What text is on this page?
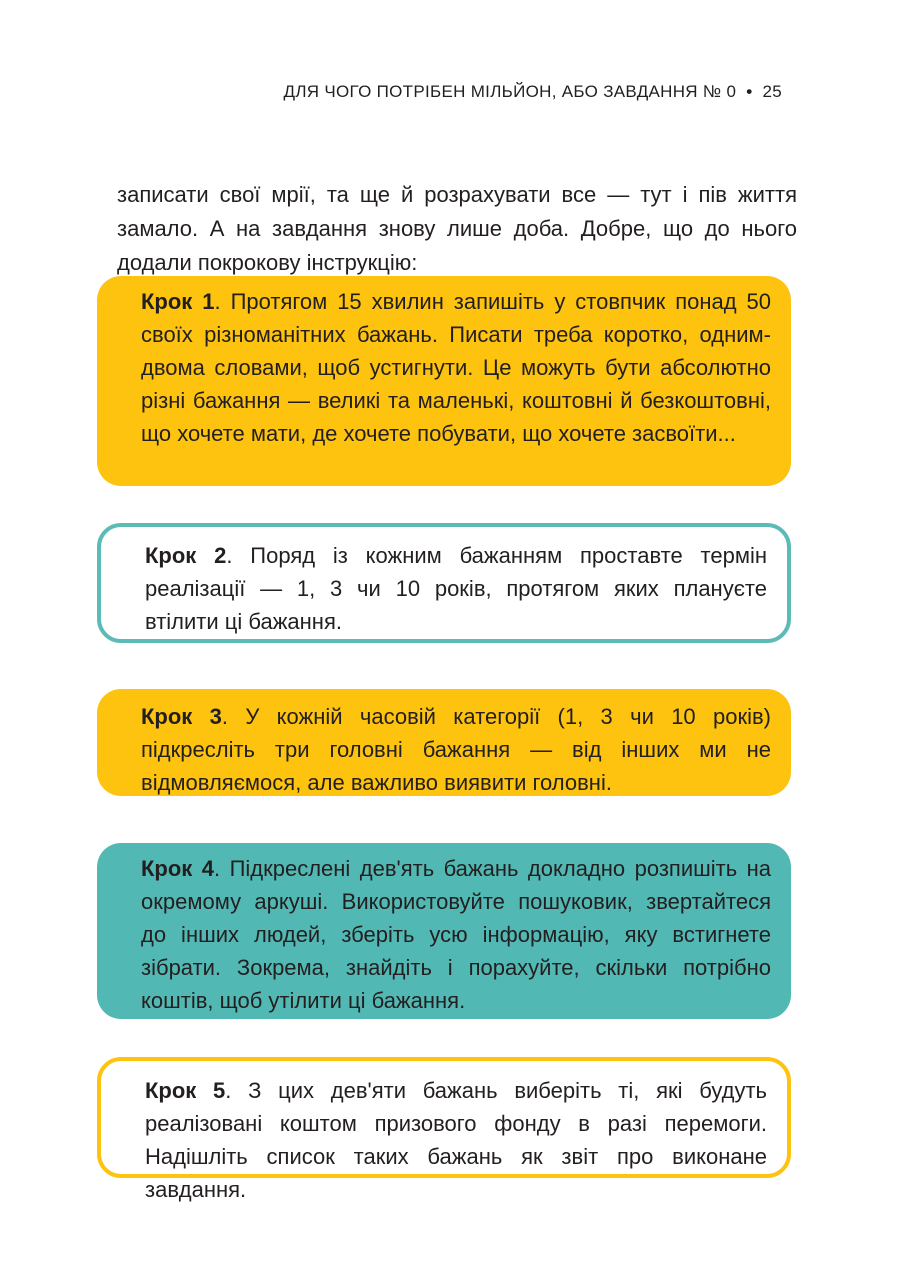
ДЛЯ ЧОГО ПОТРІБЕН МІЛЬЙОН, АБО ЗАВДАННЯ № 0 • 25

записати свої мрії, та ще й розрахувати все — тут і пів життя замало. А на завдання знову лише доба. Добре, що до нього додали покрокову інструкцію:

Крок 1. Протягом 15 хвилин запишіть у стовпчик понад 50 своїх різноманітних бажань. Писати треба коротко, одним-двома словами, щоб устигнути. Це можуть бути абсолютно різні бажання — великі та маленькі, коштовні й безкоштовні, що хочете мати, де хочете побувати, що хочете засвоїти...
Крок 2. Поряд із кожним бажанням проставте термін реалізації — 1, 3 чи 10 років, протягом яких плануєте втілити ці бажання.
Крок 3. У кожній часовій категорії (1, 3 чи 10 років) підкресліть три головні бажання — від інших ми не відмовляємося, але важливо виявити головні.
Крок 4. Підкреслені дев'ять бажань докладно розпишіть на окремому аркуші. Використовуйте пошуковик, звертайтеся до інших людей, зберіть усю інформацію, яку встигнете зібрати. Зокрема, знайдіть і порахуйте, скільки потрібно коштів, щоб утілити ці бажання.
Крок 5. З цих дев'яти бажань виберіть ті, які будуть реалізовані коштом призового фонду в разі перемоги. Надішліть список таких бажань як звіт про виконане завдання.
